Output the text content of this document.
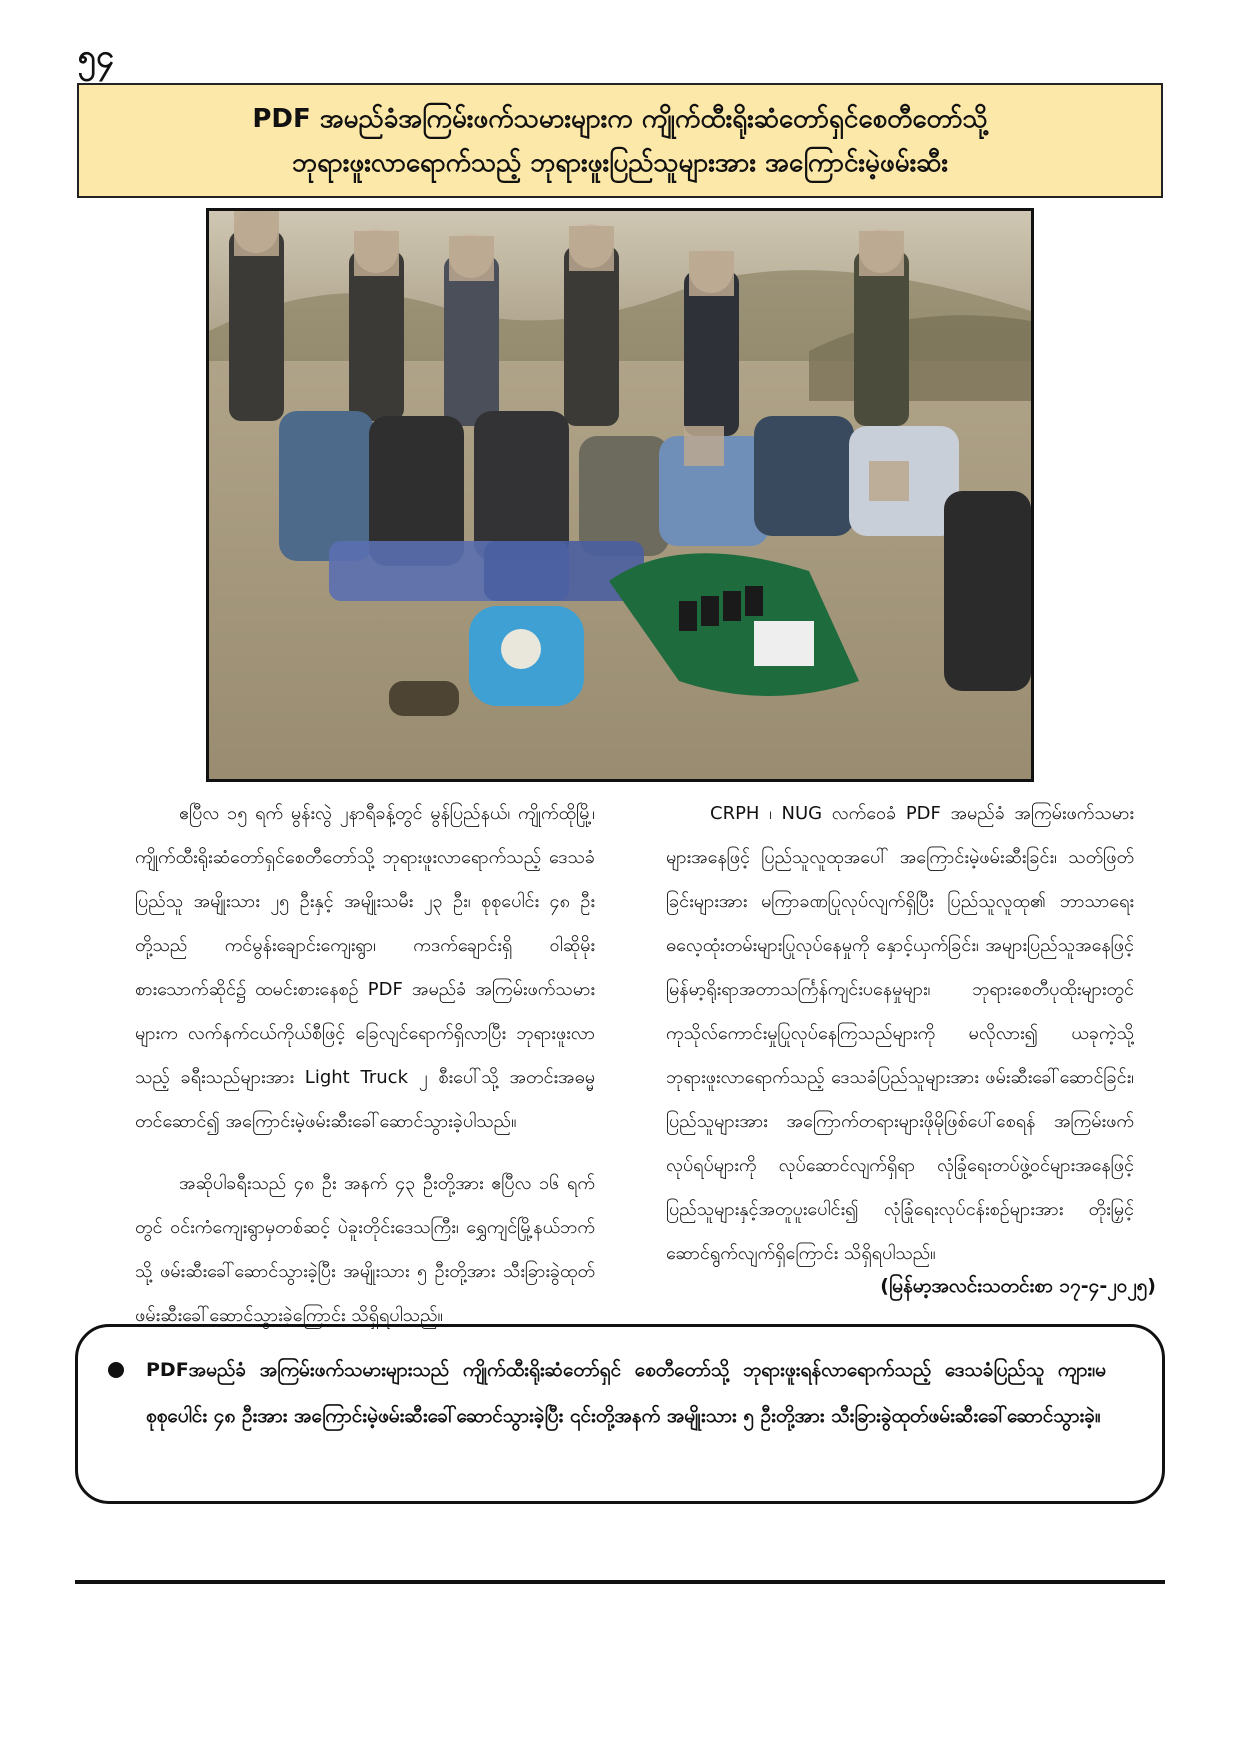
၅၄
PDF အမည်ခံအကြမ်းဖက်သမားများက ကျိုက်ထီးရိုးဆံတော်ရှင်စေတီတော်သို့
ဘုရားဖူးလာရောက်သည့် ဘုရားဖူးပြည်သူများအား အကြောင်းမဲ့ဖမ်းဆီး

ဧပြီလ ၁၅ ရက် မွန်းလွဲ ၂နာရီခန့်တွင် မွန်ပြည်နယ်၊ ကျိုက်ထိုမြို့၊ ကျိုက်ထီးရိုးဆံတော်ရှင်စေတီတော်သို့ ဘုရားဖူးလာရောက်သည့် ဒေသခံပြည်သူ အမျိုးသား ၂၅ ဦးနှင့် အမျိုးသမီး ၂၃ ဦး၊ စုစုပေါင်း ၄၈ ဦးတို့သည် ကင်မွန်းချောင်းကျေးရွာ၊ ကဒက်ချောင်းရှိ ဝါဆိုမိုးစားသောက်ဆိုင်၌ ထမင်းစားနေစဉ် PDF အမည်ခံ အကြမ်းဖက်သမားများက လက်နက်ငယ်ကိုယ်စီဖြင့် ခြေလျင်ရောက်ရှိလာပြီး ဘုရားဖူးလာသည့် ခရီးသည်များအား Light Truck ၂ စီးပေါ်သို့ အတင်းအဓမ္မတင်ဆောင်၍ အကြောင်းမဲ့ဖမ်းဆီးခေါ်ဆောင်သွားခဲ့ပါသည်။

အဆိုပါခရီးသည် ၄၈ ဦး အနက် ၄၃ ဦးတို့အား ဧပြီလ ၁၆ ရက်တွင် ဝင်းကံကျေးရွာမှတစ်ဆင့် ပဲခူးတိုင်းဒေသကြီး၊ ရွှေကျင်မြို့နယ်ဘက်သို့ ဖမ်းဆီးခေါ်ဆောင်သွားခဲ့ပြီး အမျိုးသား ၅ ဦးတို့အား သီးခြားခွဲထုတ်ဖမ်းဆီးခေါ်ဆောင်သွားခဲ့ကြောင်း သိရှိရပါသည်။

CRPH ၊ NUG လက်ဝေခံ PDF အမည်ခံ အကြမ်းဖက်သမားများအနေဖြင့် ပြည်သူလူထုအပေါ် အကြောင်းမဲ့ဖမ်းဆီးခြင်း၊ သတ်ဖြတ်ခြင်းများအား မကြာခဏပြုလုပ်လျက်ရှိပြီး ပြည်သူလူထု၏ ဘာသာရေးဓလေ့ထုံးတမ်းများပြုလုပ်နေမှုကို နှောင့်ယှက်ခြင်း၊ အများပြည်သူအနေဖြင့် မြန်မာ့ရိုးရာအတာသင်္ကြန်ကျင်းပနေမှုများ၊ ဘုရားစေတီပုထိုးများတွင် ကုသိုလ်ကောင်းမှုပြုလုပ်နေကြသည်များကို မလိုလား၍ ယခုကဲ့သို့ ဘုရားဖူးလာရောက်သည့် ဒေသခံပြည်သူများအား ဖမ်းဆီးခေါ်ဆောင်ခြင်း၊ ပြည်သူများအား အကြောက်တရားများဖိုမိုဖြစ်ပေါ်စေရန် အကြမ်းဖက်လုပ်ရပ်များကို လုပ်ဆောင်လျက်ရှိရာ လုံခြုံရေးတပ်ဖွဲ့ဝင်များအနေဖြင့် ပြည်သူများနှင့်အတူပူးပေါင်း၍ လုံခြုံရေးလုပ်ငန်းစဉ်များအား တိုးမြှင့်ဆောင်ရွက်လျက်ရှိကြောင်း သိရှိရပါသည်။

(မြန်မာ့အလင်းသတင်းစာ ၁၇-၄-၂၀၂၅)
PDFအမည်ခံ အကြမ်းဖက်သမားများသည် ကျိုက်ထီးရိုးဆံတော်ရှင် စေတီတော်သို့ ဘုရားဖူးရန်လာရောက်သည့် ဒေသခံပြည်သူ ကျား၊မ စုစုပေါင်း ၄၈ ဦးအား အကြောင်းမဲ့ဖမ်းဆီးခေါ်ဆောင်သွားခဲ့ပြီး ၎င်းတို့အနက် အမျိုးသား ၅ ဦးတို့အား သီးခြားခွဲထုတ်ဖမ်းဆီးခေါ်ဆောင်သွားခဲ့။
